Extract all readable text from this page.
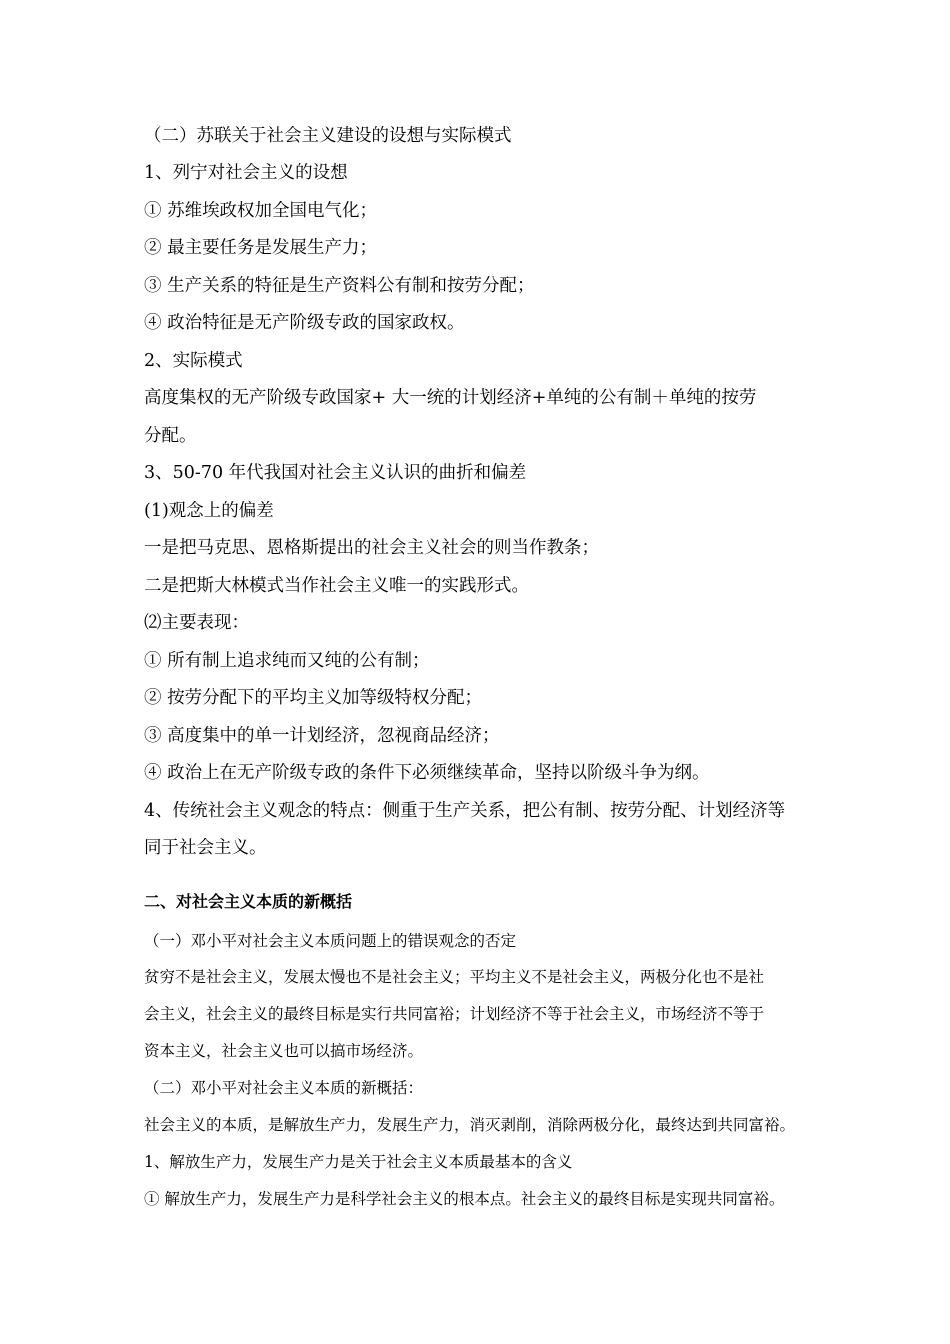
（二）苏联关于社会主义建设的设想与实际模式

1、列宁对社会主义的设想

① 苏维埃政权加全国电气化；

② 最主要任务是发展生产力；

③ 生产关系的特征是生产资料公有制和按劳分配；

④ 政治特征是无产阶级专政的国家政权。

2、实际模式

高度集权的无产阶级专政国家+ 大一统的计划经济+单纯的公有制＋单纯的按劳

分配。

3、50-70 年代我国对社会主义认识的曲折和偏差

(1)观念上的偏差

一是把马克思、恩格斯提出的社会主义社会的则当作教条；

二是把斯大林模式当作社会主义唯一的实践形式。

⑵主要表现：

① 所有制上追求纯而又纯的公有制；

② 按劳分配下的平均主义加等级特权分配；

③ 高度集中的单一计划经济，忽视商品经济；

④ 政治上在无产阶级专政的条件下必须继续革命，坚持以阶级斗争为纲。

4、传统社会主义观念的特点：侧重于生产关系，把公有制、按劳分配、计划经济等

同于社会主义。

二、对社会主义本质的新概括

（一）邓小平对社会主义本质问题上的错误观念的否定

贫穷不是社会主义，发展太慢也不是社会主义；平均主义不是社会主义，两极分化也不是社

会主义，社会主义的最终目标是实行共同富裕；计划经济不等于社会主义，市场经济不等于

资本主义，社会主义也可以搞市场经济。

（二）邓小平对社会主义本质的新概括：

社会主义的本质，是解放生产力，发展生产力，消灭剥削，消除两极分化，最终达到共同富裕。

1、解放生产力，发展生产力是关于社会主义本质最基本的含义

① 解放生产力，发展生产力是科学社会主义的根本点。社会主义的最终目标是实现共同富裕。
